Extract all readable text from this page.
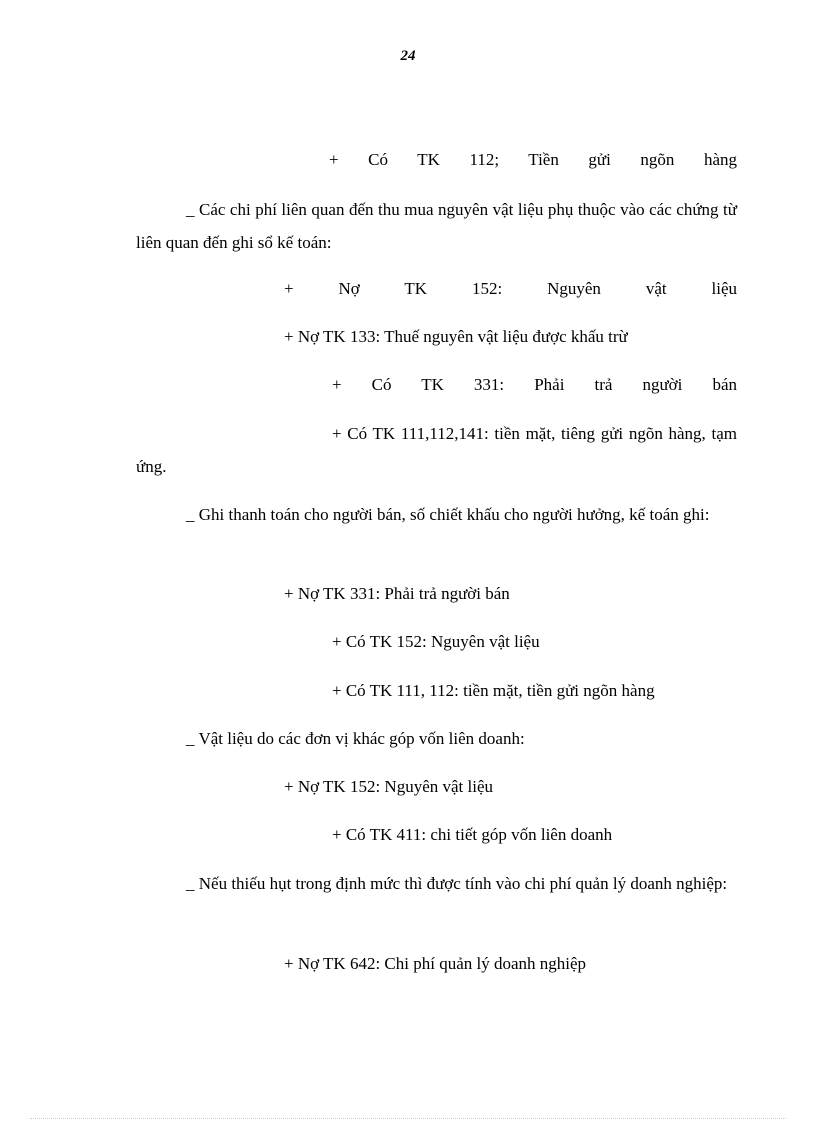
24
+ Có TK 112; Tiền gửi ngõn hàng
_ Các chi phí liên quan đến thu mua nguyên vật liệu phụ thuộc vào các chứng từ liên quan đến ghi sổ kế toán:
+ Nợ TK 152: Nguyên vật liệu
+ Nợ TK 133: Thuế nguyên vật liệu được khấu trừ
+ Có TK 331: Phải trả người bán
+ Có TK 111,112,141: tiền mặt, tiêng gửi ngõn hàng, tạm ứng.
_ Ghi thanh toán cho người bán, số chiết khấu cho người hưởng, kế toán ghi:
+ Nợ TK 331: Phải trả người bán
+ Có TK 152: Nguyên vật liệu
+ Có TK 111, 112: tiền mặt, tiền gửi ngõn hàng
_ Vật liệu do các đơn vị khác góp vốn liên doanh:
+ Nợ TK 152: Nguyên vật liệu
+ Có TK 411: chi tiết góp vốn liên doanh
_ Nếu thiếu hụt trong định mức thì được tính vào chi phí quản lý doanh nghiệp:
+ Nợ TK 642: Chi phí quản lý doanh nghiệp
